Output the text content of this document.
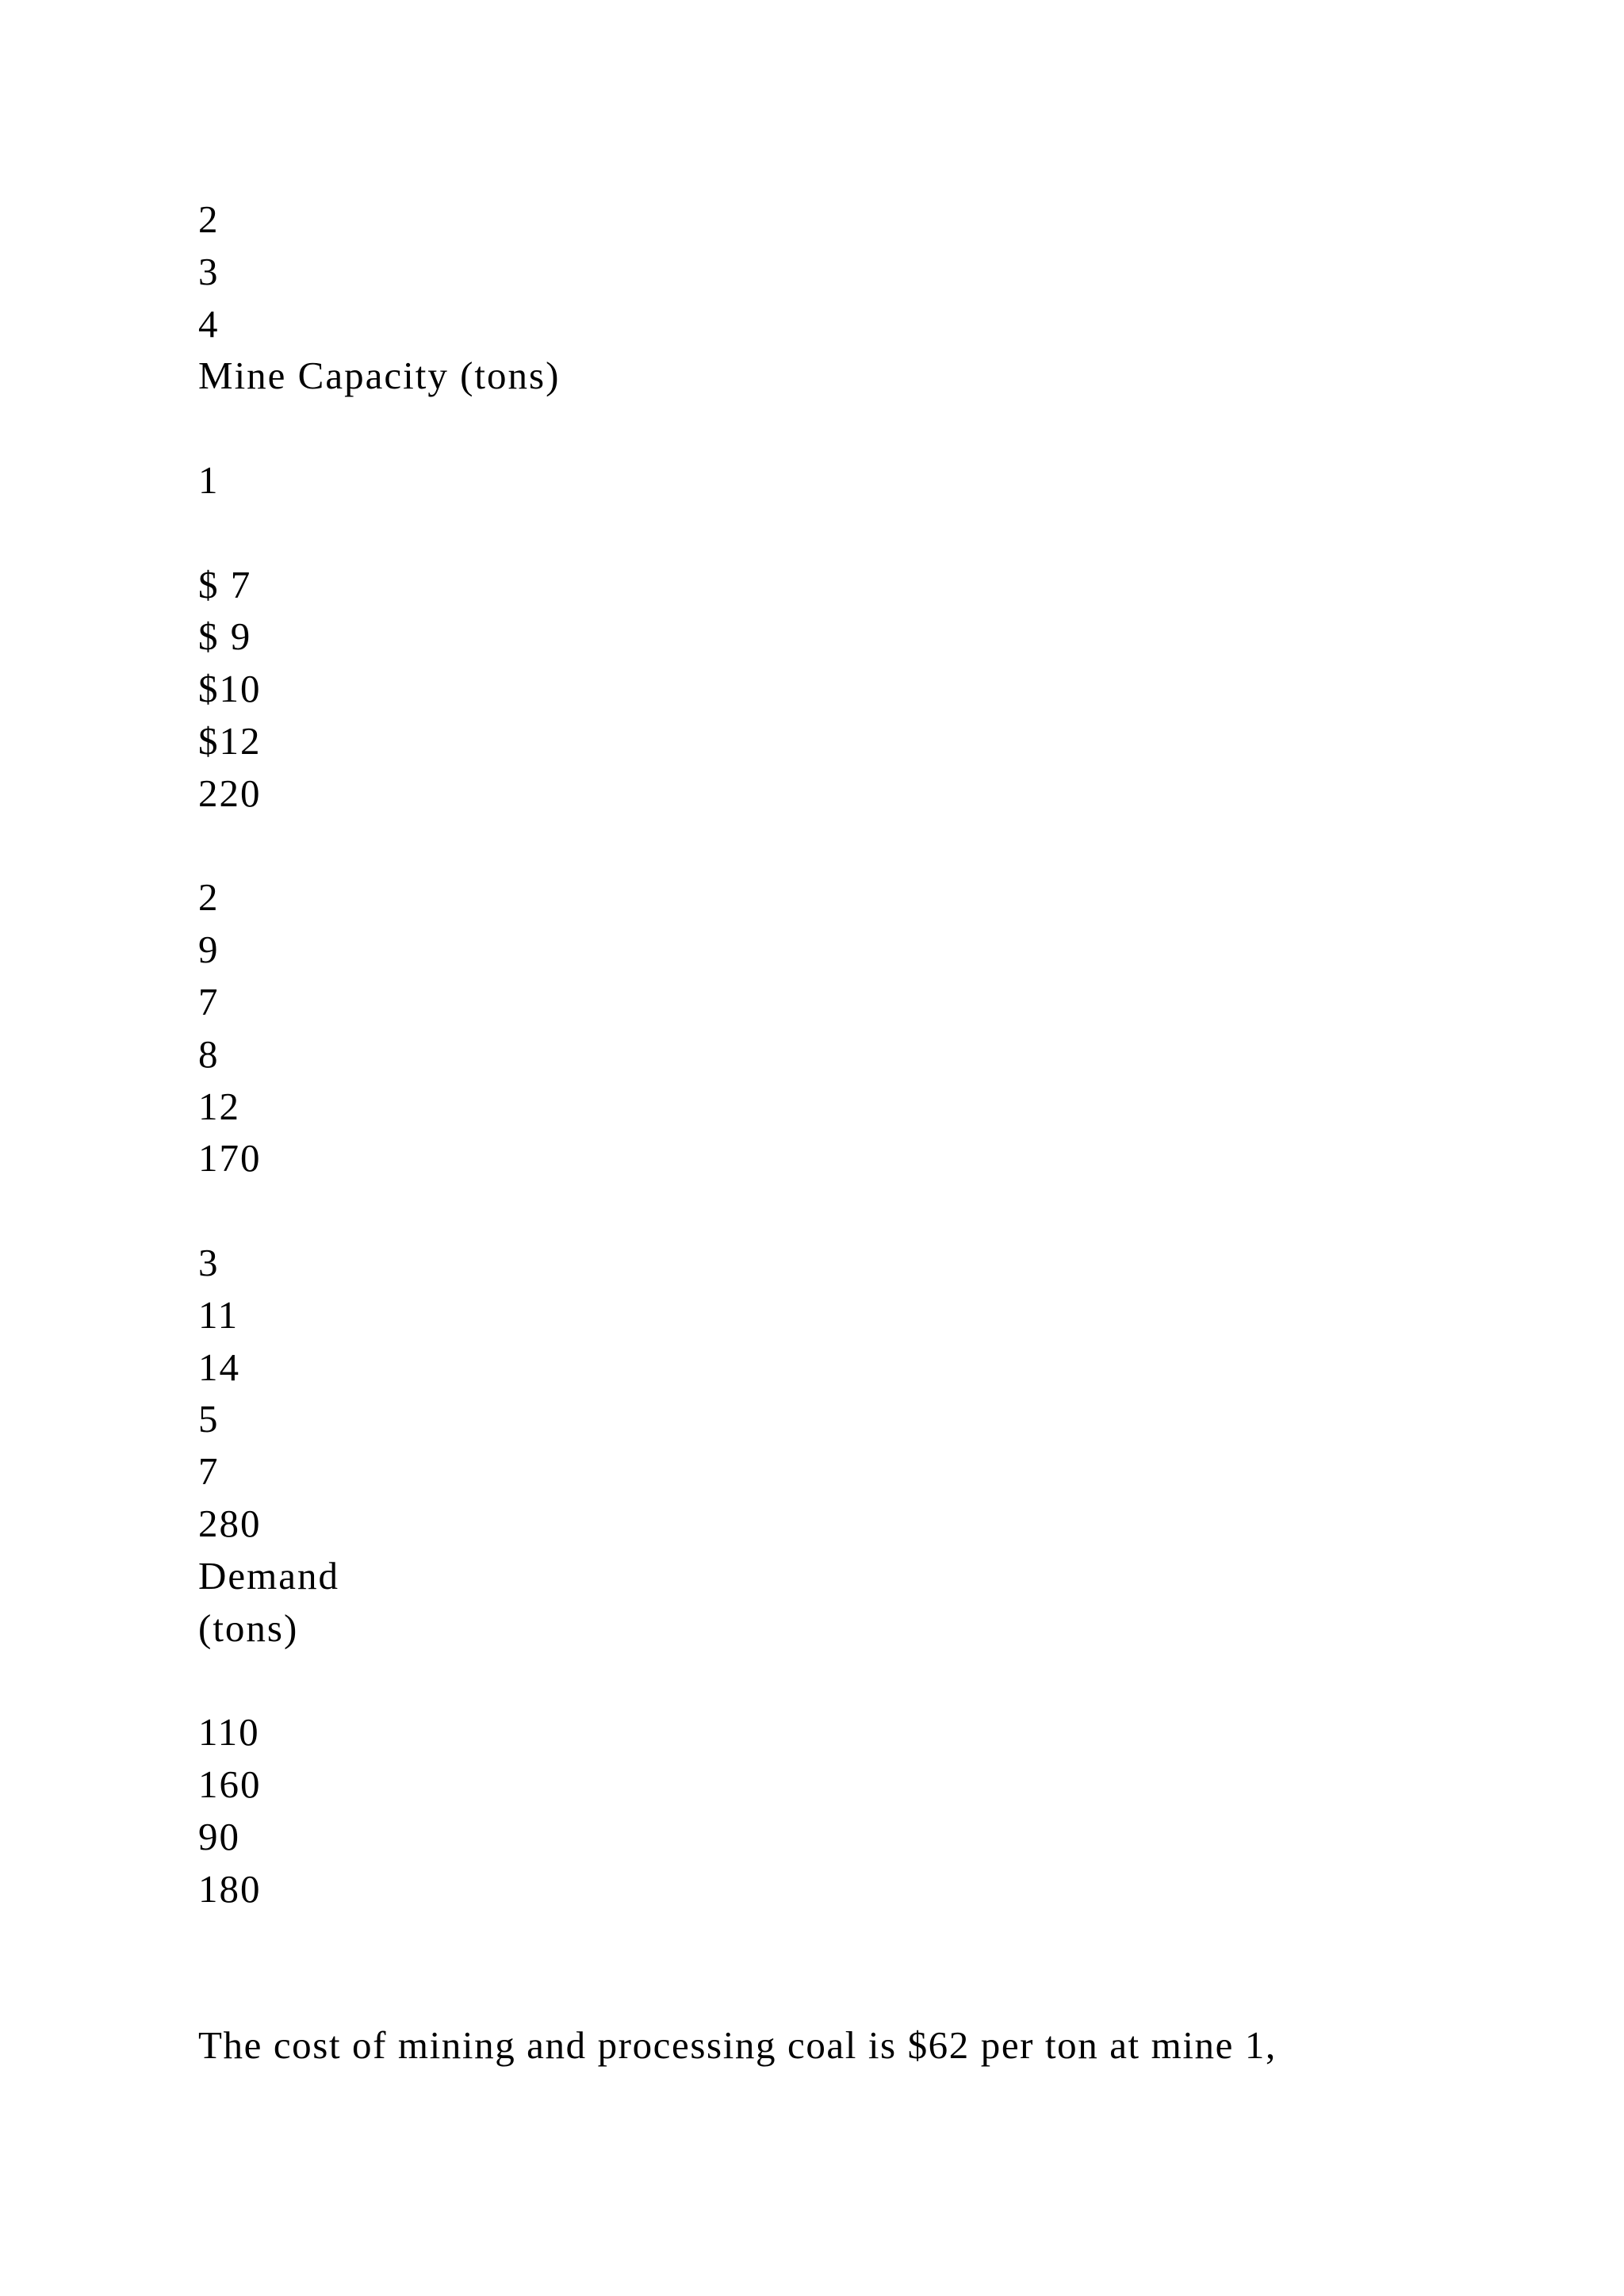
2
3
4
Mine Capacity (tons)
1
$ 7
$ 9
$10
$12
220
2
9
7
8
12
170
3
11
14
5
7
280
Demand
(tons)
110
160
90
180
The cost of mining and processing coal is $62 per ton at mine 1,
